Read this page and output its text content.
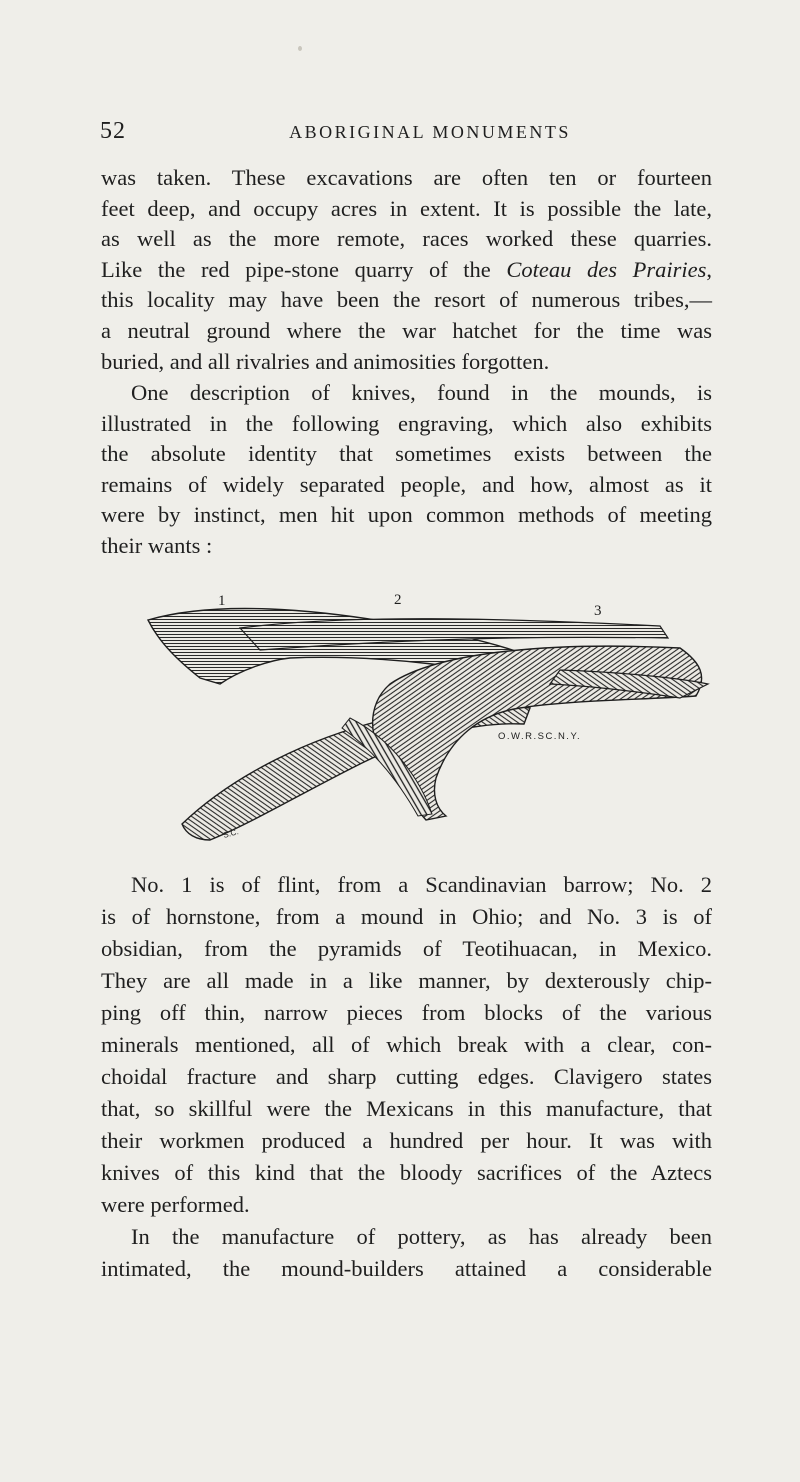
52	ABORIGINAL MONUMENTS
was taken. These excavations are often ten or fourteen
feet deep, and occupy acres in extent. It is possible the late,
as well as the more remote, races worked these quarries.
Like the red pipe-stone quarry of the Coteau des Prairies,
this locality may have been the resort of numerous tribes,—
a neutral ground where the war hatchet for the time was
buried, and all rivalries and animosities forgotten.
One description of knives, found in the mounds, is
illustrated in the following engraving, which also exhibits
the absolute identity that sometimes exists between the
remains of widely separated people, and how, almost as it
were by instinct, men hit upon common methods of meeting
their wants :
1	2
3
O.W.R.SC.N.Y.
S.C.
No. 1 is of flint, from a Scandinavian barrow; No. 2
is of hornstone, from a mound in Ohio; and No. 3 is of
obsidian, from the pyramids of Teotihuacan, in Mexico.
They are all made in a like manner, by dexterously chip-
ping off thin, narrow pieces from blocks of the various
minerals mentioned, all of which break with a clear, con-
choidal fracture and sharp cutting edges. Clavigero states
that, so skillful were the Mexicans in this manufacture, that
their workmen produced a hundred per hour. It was with
knives of this kind that the bloody sacrifices of the Aztecs
were performed.
In the manufacture of pottery, as has already been
intimated, the mound-builders attained a considerable
